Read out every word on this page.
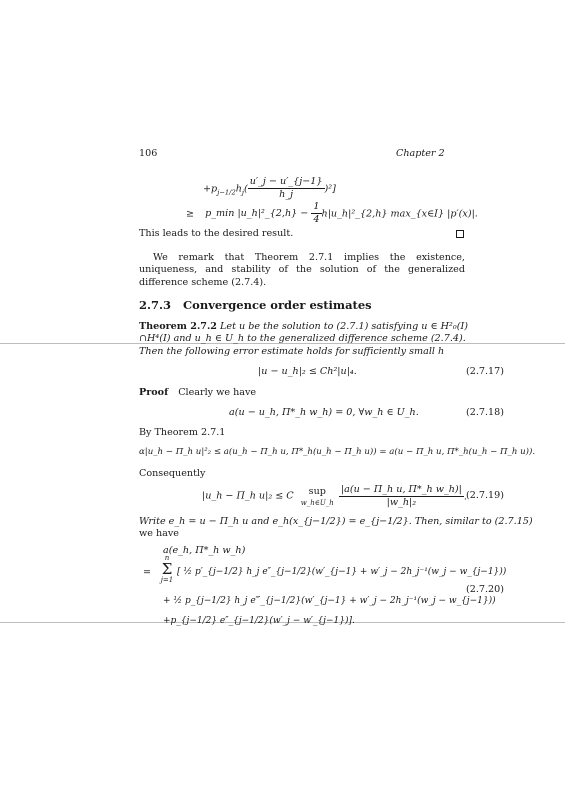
106	Chapter 2
$+p_{j-1/2}h_j( \frac{u'\_j - u'\_\{j-1\}}{h\_j} )^2$]
≥ p_min |u_h|²_{2,h} − $\frac{1}{4}$ h|u_h|²_{2,h} max_{x∈I} |p′(x)|.
This leads to the desired result.
We remark that Theorem 2.7.1 implies the existence, uniqueness, and stability of the solution of the generalized difference scheme (2.7.4).
2.7.3 Convergence order estimates
Theorem 2.7.2 Let u be the solution to (2.7.1) satisfying u ∈ H²₀(I)
∩H⁴(I) and u_h ∈ U_h to the generalized difference scheme (2.7.4).
Then the following error estimate holds for sufficiently small h
|u − u_h|₂ ≤ Ch²|u|₄.	(2.7.17)
Proof Clearly we have
a(u − u_h, Π*_h w_h) = 0, ∀w_h ∈ U_h.	(2.7.18)
By Theorem 2.7.1
α|u_h − Π_h u|²₂ ≤ a(u_h − Π_h u, Π*_h(u_h − Π_h u)) = a(u − Π_h u, Π*_h(u_h − Π_h u)).
Consequently
|u_h − Π_h u|₂ ≤ C	sup
w_h∈U_h
$\frac{\text{|a(u − Π\_h u, Π*\_h w\_h)|}}{\text{|w\_h|₂}}$ . (2.7.19)
Write e_h = u − Π_h u and e_h(x_{j−1/2}) = e_{j−1/2}. Then, similar to (2.7.15)
we have
a(e_h, Π*_h w_h)
=
n
Σ
j=1
[ ½ p′_{j−1/2} h_j e″_{j−1/2}(w′_{j−1} + w′_j − 2h_j⁻¹(w_j − w_{j−1}))
+ ½ p_{j−1/2} h_j e‴_{j−1/2}(w′_{j−1} + w′_j − 2h_j⁻¹(w_j − w_{j−1}))
+p_{j−1/2} e″_{j−1/2}(w′_j − w′_{j−1})].
(2.7.20)
